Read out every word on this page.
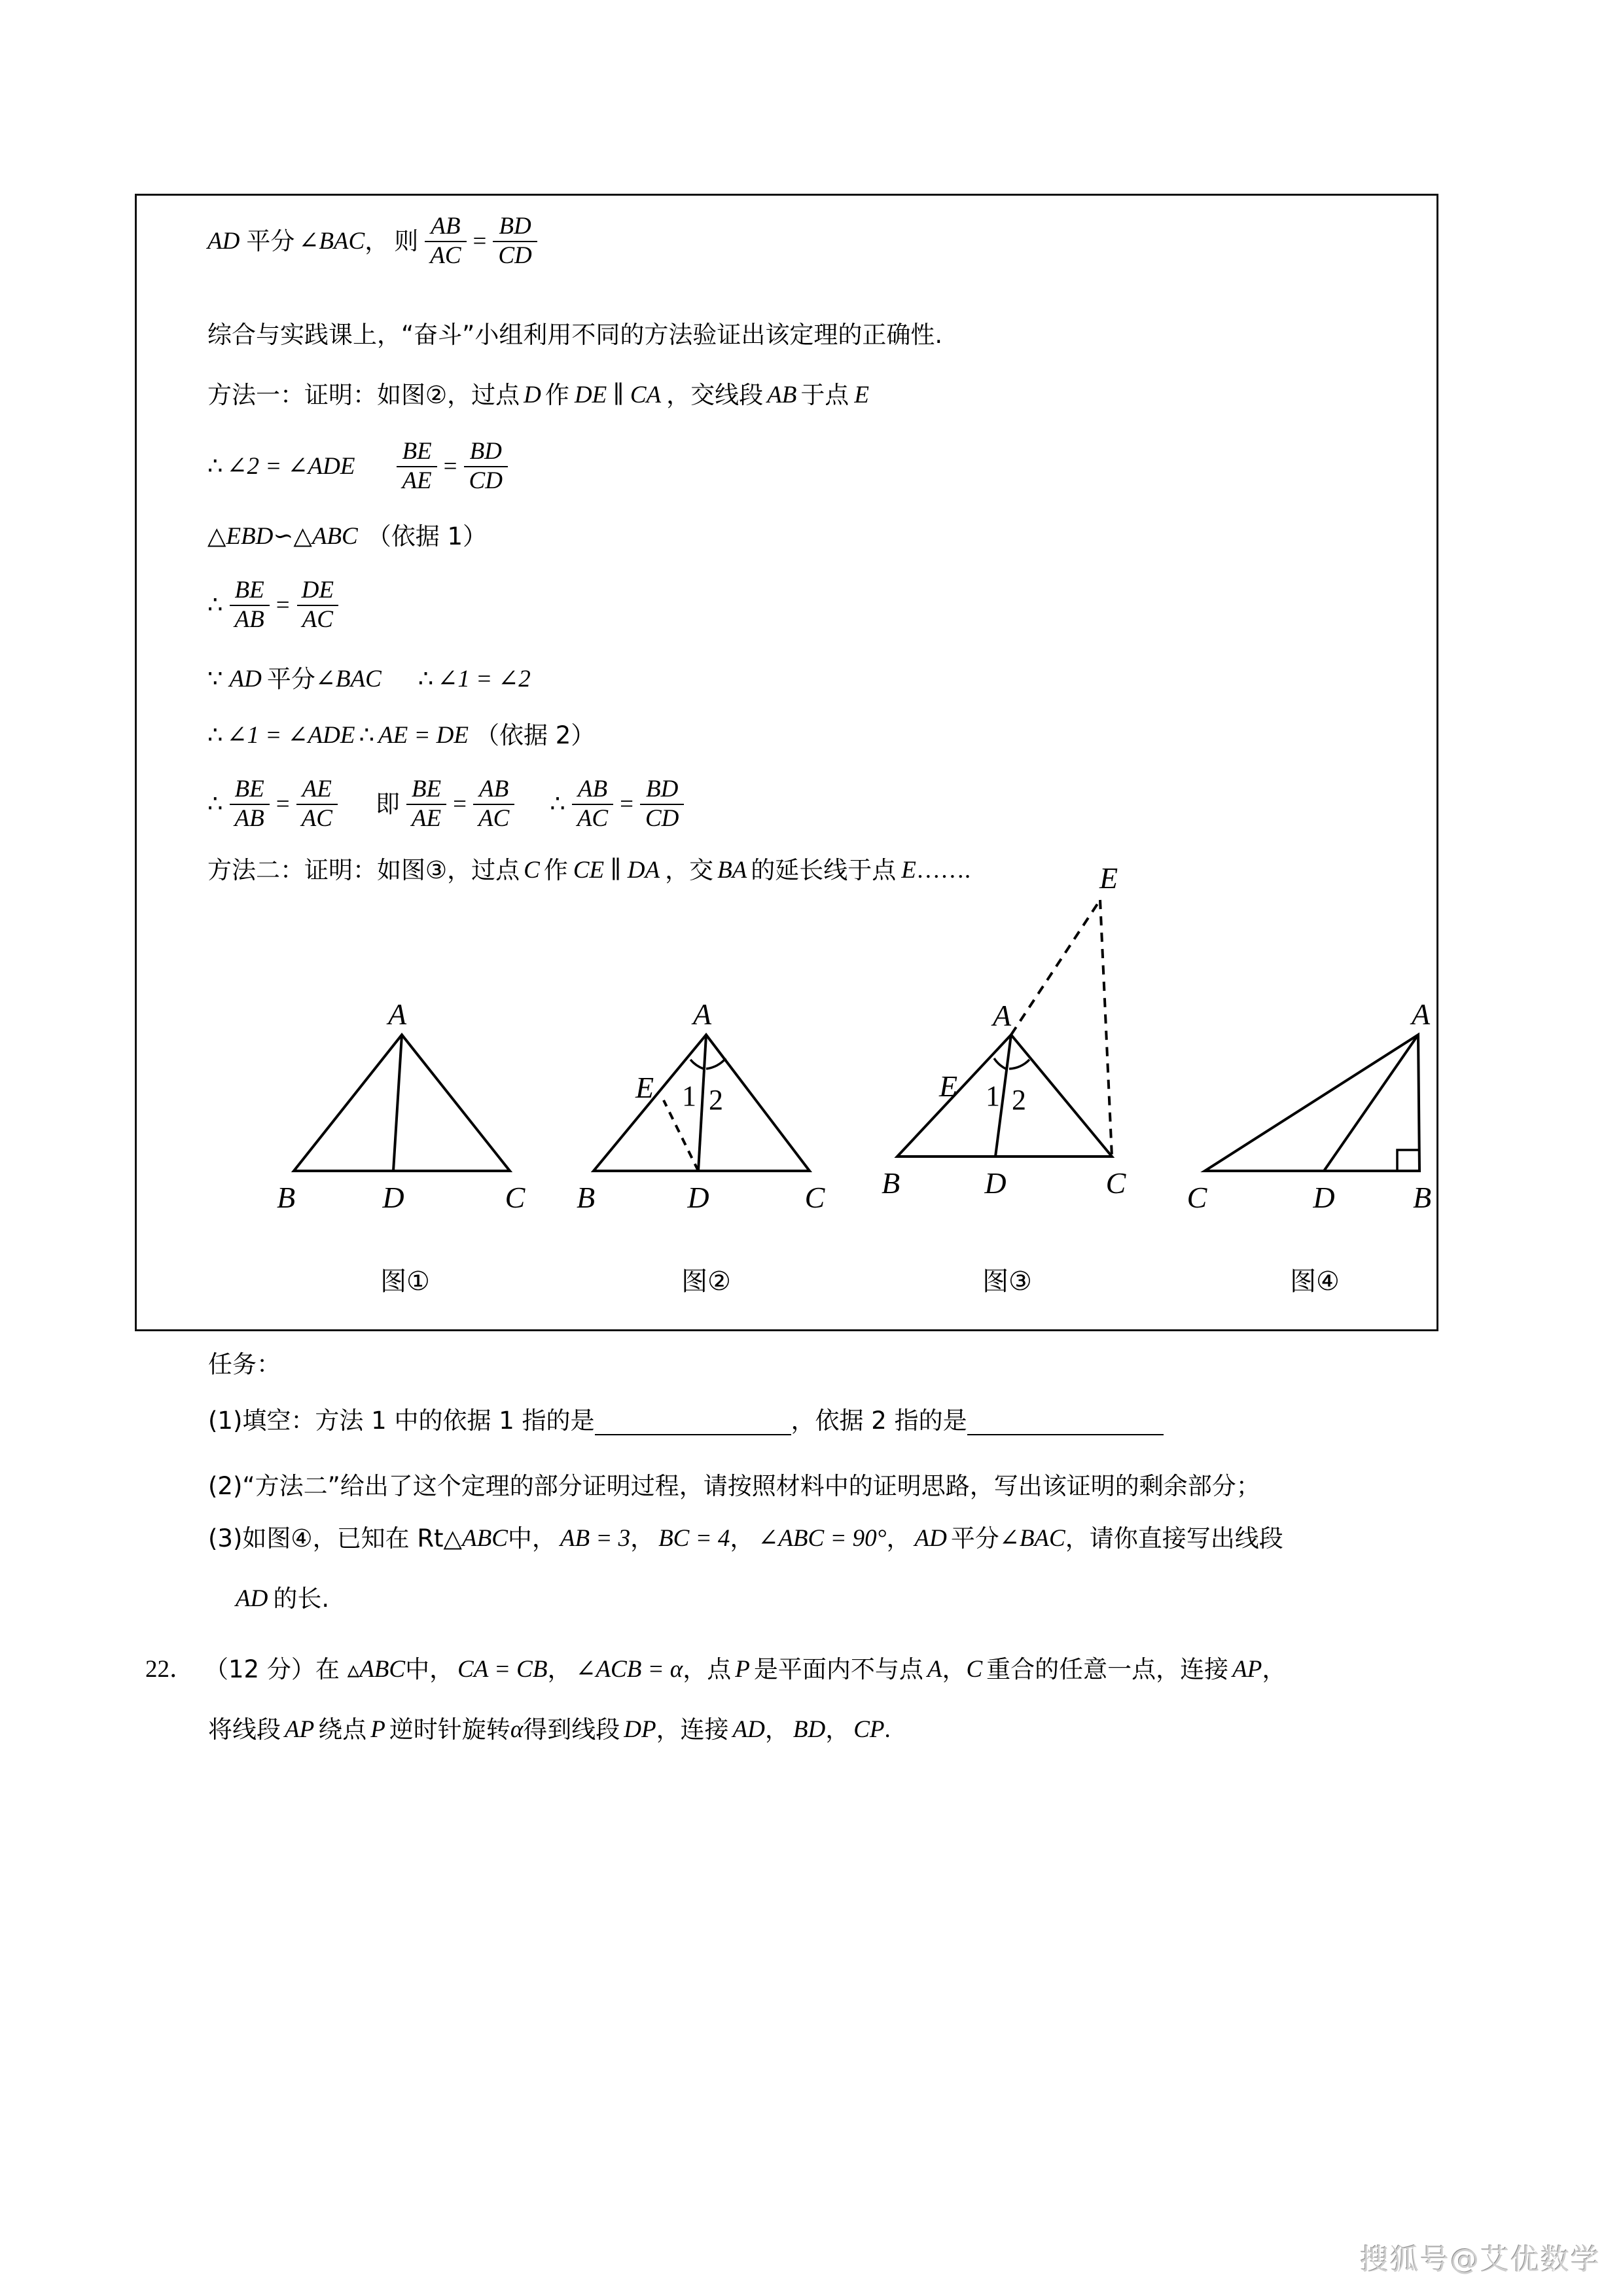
AD 平分 ∠BAC ， 则 $\frac{AB}{AC} = \frac{BD}{CD}$
综合与实践课上，“奋斗”小组利用不同的方法验证出该定理的正确性.
方法一：证明：如图②，过点 D 作 DE ∥ CA ，交线段 AB 于点 E
∴ ∠2 = ∠ADE $\frac{BE}{AE} = \frac{BD}{CD}$
△EBD∽△ABC （依据 1）
∴ $\frac{BE}{AB} = \frac{DE}{AC}$
∵ AD 平分 ∠BAC ∴ ∠1 = ∠2
∴ ∠1 = ∠ADE ∴ AE = DE （依据 2）
∴ $\frac{BE}{AB} = \frac{AE}{AC}$ 即 $\frac{BE}{AE} = \frac{AB}{AC}$ ∴ $\frac{AB}{AC} = \frac{BD}{CD}$
方法二：证明：如图③，过点 C 作 CE ∥ DA ，交 BA 的延长线于点 E …….
A
B	D	C
图①
A
B	D	C
E 1 2
图②
E
A
B	D	C
E 1 2
图③
A
C	D	B
图④
任务：
(1)填空：方法 1 中的依据 1 指的是	，依据 2 指的是
(2)“方法二”给出了这个定理的部分证明过程，请按照材料中的证明思路，写出该证明的剩余部分；
(3)如图④，已知在 Rt△ ABC 中， AB = 3 ， BC = 4 ， ∠ABC = 90° ， AD 平分 ∠BAC ，请你直接写出线段
AD 的长.
22． （12 分） 在 ▵ ABC 中， CA = CB ， ∠ACB = α ，点 P 是平面内不与点 A ， C 重合的任意一点，连接 AP ，
将线段 AP 绕点 P 逆时针旋转 α 得到线段 DP ，连接 AD ， BD ， CP .
搜狐号@艾优数学
